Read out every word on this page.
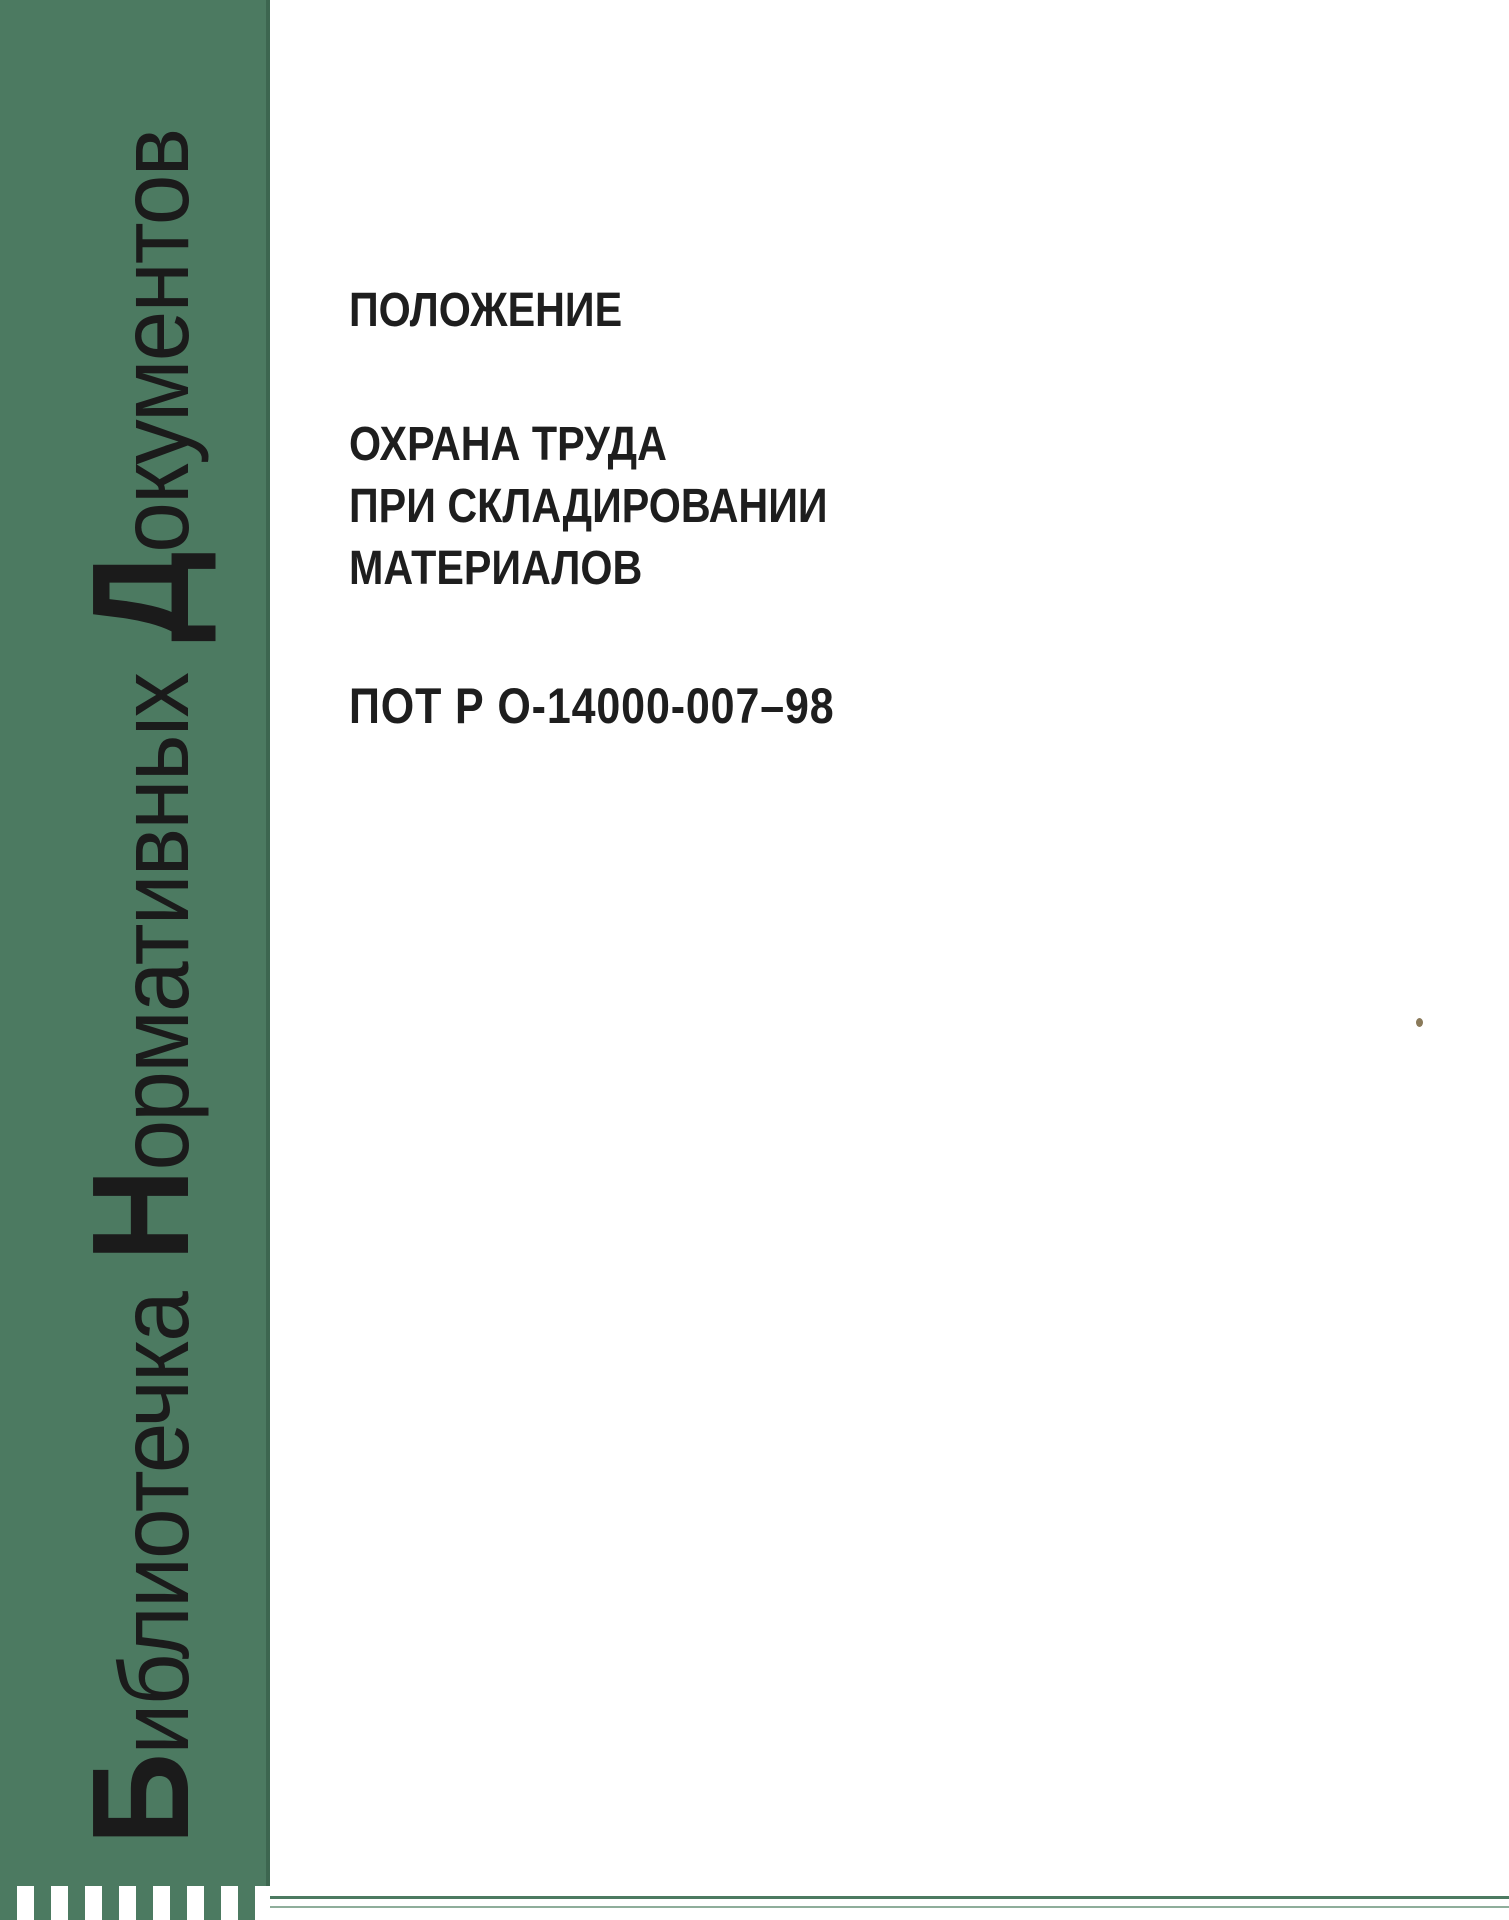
Б
иблиотечка
Н
ормативных
Д
окументов	ПОЛОЖЕНИЕ

ОХРАНА ТРУДА
ПРИ СКЛАДИРОВАНИИ
МАТЕРИАЛОВ

ПОТ Р О-14000-007–98
